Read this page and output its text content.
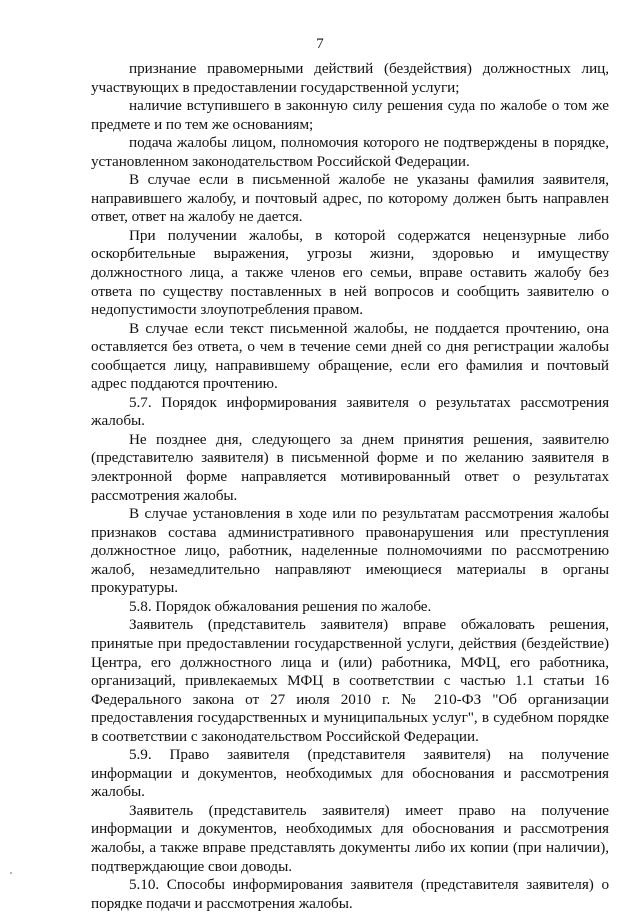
7

признание правомерными действий (бездействия) должностных лиц, участвующих в предоставлении государственной услуги;

наличие вступившего в законную силу решения суда по жалобе о том же предмете и по тем же основаниям;

подача жалобы лицом, полномочия которого не подтверждены в порядке, установленном законодательством Российской Федерации.

В случае если в письменной жалобе не указаны фамилия заявителя, направившего жалобу, и почтовый адрес, по которому должен быть направлен ответ, ответ на жалобу не дается.

При получении жалобы, в которой содержатся нецензурные либо оскорбительные выражения, угрозы жизни, здоровью и имуществу должностного лица, а также членов его семьи, вправе оставить жалобу без ответа по существу поставленных в ней вопросов и сообщить заявителю о недопустимости злоупотребления правом.

В случае если текст письменной жалобы, не поддается прочтению, она оставляется без ответа, о чем в течение семи дней со дня регистрации жалобы сообщается лицу, направившему обращение, если его фамилия и почтовый адрес поддаются прочтению.

5.7. Порядок информирования заявителя о результатах рассмотрения жалобы.

Не позднее дня, следующего за днем принятия решения, заявителю (представителю заявителя) в письменной форме и по желанию заявителя в электронной форме направляется мотивированный ответ о результатах рассмотрения жалобы.

В случае установления в ходе или по результатам рассмотрения жалобы признаков состава административного правонарушения или преступления должностное лицо, работник, наделенные полномочиями по рассмотрению жалоб, незамедлительно направляют имеющиеся материалы в органы прокуратуры.

5.8. Порядок обжалования решения по жалобе.

Заявитель (представитель заявителя) вправе обжаловать решения, принятые при предоставлении государственной услуги, действия (бездействие) Центра, его должностного лица и (или) работника, МФЦ, его работника, организаций, привлекаемых МФЦ в соответствии с частью 1.1 статьи 16 Федерального закона от 27 июля 2010 г. № 210-ФЗ "Об организации предоставления государственных и муниципальных услуг", в судебном порядке в соответствии с законодательством Российской Федерации.

5.9. Право заявителя (представителя заявителя) на получение информации и документов, необходимых для обоснования и рассмотрения жалобы.

Заявитель (представитель заявителя) имеет право на получение информации и документов, необходимых для обоснования и рассмотрения жалобы, а также вправе представлять документы либо их копии (при наличии), подтверждающие свои доводы.

5.10. Способы информирования заявителя (представителя заявителя) о порядке подачи и рассмотрения жалобы.
